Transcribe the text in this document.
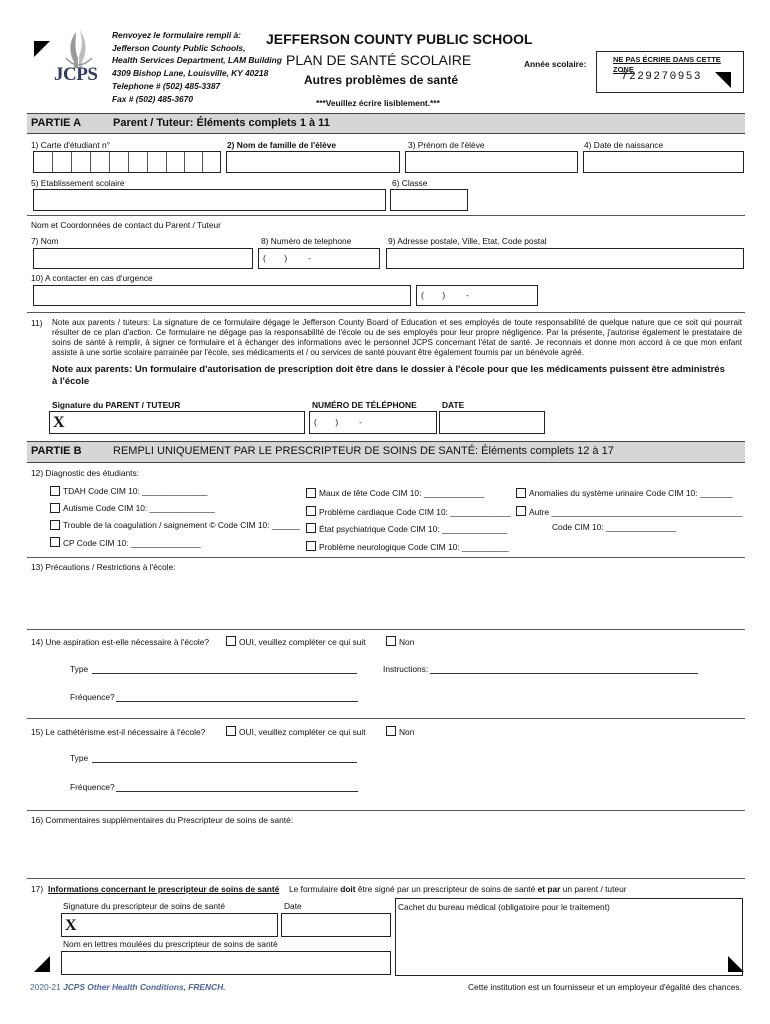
JCPS
Renvoyez le formulaire rempli à:
Jefferson County Public Schools,
Health Services Department, LAM Building
4309 Bishop Lane, Louisville, KY 40218
Telephone # (502) 485-3387
Fax # (502) 485-3670
JEFFERSON COUNTY PUBLIC SCHOOL
PLAN DE SANTÉ SCOLAIRE
Autres problèmes de santé
***Veuillez écrire lisiblement.***
Année scolaire:	NE PAS ÉCRIRE DANS CETTE ZONE
7229270953
PARTIE A	Parent / Tuteur: Éléments complets 1 à 11
1) Carte d'étudiant n°	2) Nom de famille de l'élève	3) Prénom de l'élève	4) Date de naissance
5) Etablissement scolaire	6) Classe
Nom et Coordonnées de contact du Parent / Tuteur
7) Nom	8) Numéro de telephone	9) Adresse postale, Ville, Etat, Code postal
(        )         -
10) A contacter en cas d'urgence
(        )         -
11) Note aux parents / tuteurs: La signature de ce formulaire dégage le Jefferson County Board of Education et ses employés de toute responsabilité de quelque nature que ce soit qui pourrait résulter de ce plan d'action. Ce formulaire ne dégage pas la responsabilité de l'école ou de ses employés pour leur propre négligence. Par la présente, j'autorise également le prestataire de soins de santé à remplir, à signer ce formulaire et à échanger des informations avec le personnel JCPS concernant l'état de santé. Je reconnais et donne mon accord à ce que mon enfant assiste à une sortie scolaire parrainée par l'école, ses médicaments et / ou services de santé pouvant être également fournis par un bénévole agréé.
Note aux parents: Un formulaire d'autorisation de prescription doit être dans le dossier à l'école pour que les médicaments puissent être administrés à l'école
Signature du PARENT / TUTEUR	NUMÉRO DE TÉLÉPHONE	DATE
X	(        )         -
PARTIE B	REMPLI UNIQUEMENT PAR LE PRESCRIPTEUR DE SOINS DE SANTÉ: Éléments complets 12 à 17
12) Diagnostic des étudiants:
TDAH Code CIM 10: ______________
Autisme Code CIM 10: ______________
Trouble de la coagulation / saignement © Code CIM 10: ______
CP Code CIM 10: _______________
Maux de tête Code CIM 10: _____________
Problème cardiaque Code CIM 10: _____________
État psychiatrique Code CIM 10: ______________
Problème neurologique Code CIM 10: __________
Anomalies du système urinaire Code CIM 10: _______
Autre _________________________________________
Code CIM 10: _______________
13) Précautions / Restrictions à l'école:
14) Une aspiration est-elle nécessaire à l'école?	OUI, veuillez compléter ce qui suit	Non
Type	Instructions:
Fréquence?
15) Le cathétérisme est-il nécessaire à l'école?	OUI, veuillez compléter ce qui suit	Non
Type
Fréquence?
16) Commentaires supplémentaires du Prescripteur de soins de santé:
17) Informations concernant le prescripteur de soins de santé Le formulaire doit être signé par un prescripteur de soins de santé et par un parent / tuteur
Signature du prescripteur de soins de santé	Date
X
Cachet du bureau médical (obligatoire pour le traitement)
Nom en lettres moulées du prescripteur de soins de santé
2020-21 JCPS Other Health Conditions, FRENCH.	Cette institution est un fournisseur et un employeur d'égalité des chances.
